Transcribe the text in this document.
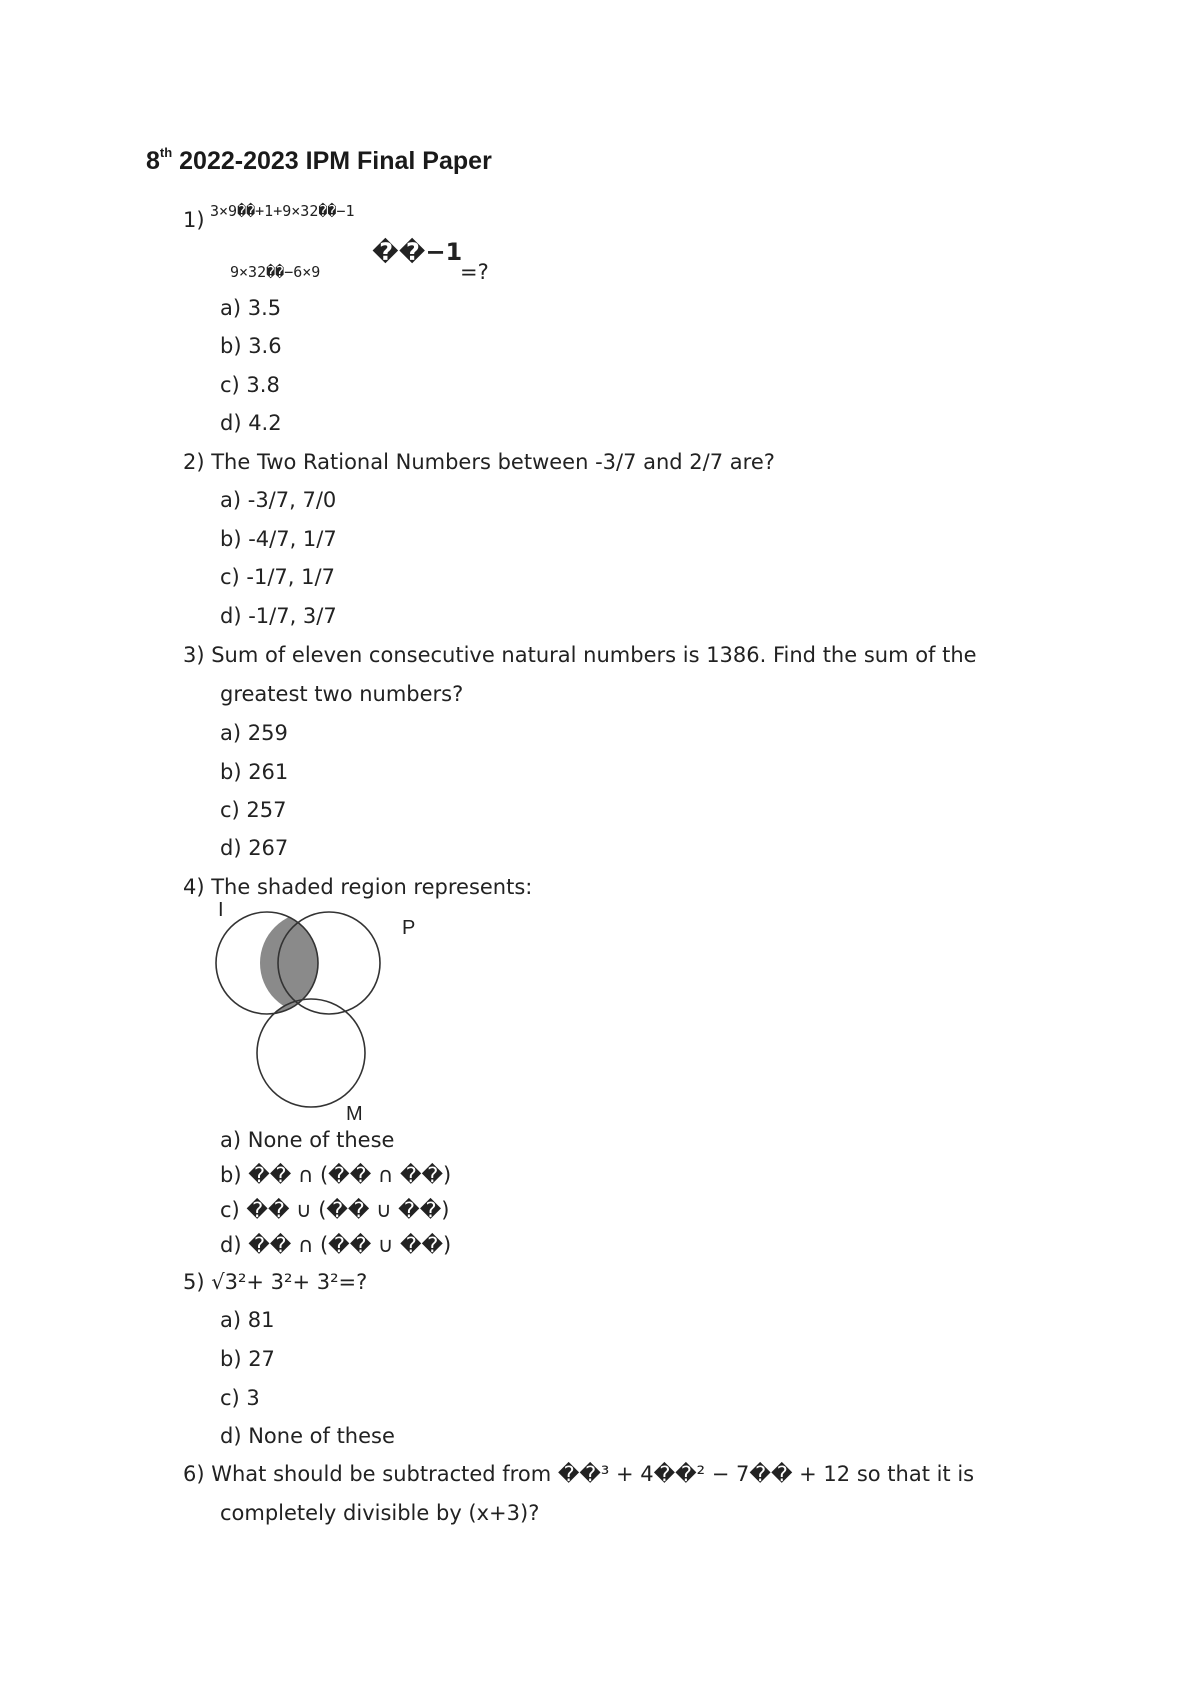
8th 2022-2023 IPM Final Paper
1) 3×9��+1+9×32��−1
9×32��−6×9
��−1
=?
a) 3.5
b) 3.6
c) 3.8
d) 4.2
2) The Two Rational Numbers between -3/7 and 2/7 are?
a) -3/7, 7/0
b) -4/7, 1/7
c) -1/7, 1/7
d) -1/7, 3/7
3) Sum of eleven consecutive natural numbers is 1386. Find the sum of the
greatest two numbers?
a) 259
b) 261
c) 257
d) 267
4) The shaded region represents:
I
P
M
a) None of these
b) �� ∩ (�� ∩ ��)
c) �� ∪ (�� ∪ ��)
d) �� ∩ (�� ∪ ��)
5) √3²+ 3²+ 3²=?
a) 81
b) 27
c) 3
d) None of these
6) What should be subtracted from ��³ + 4��² − 7�� + 12 so that it is
completely divisible by (x+3)?
